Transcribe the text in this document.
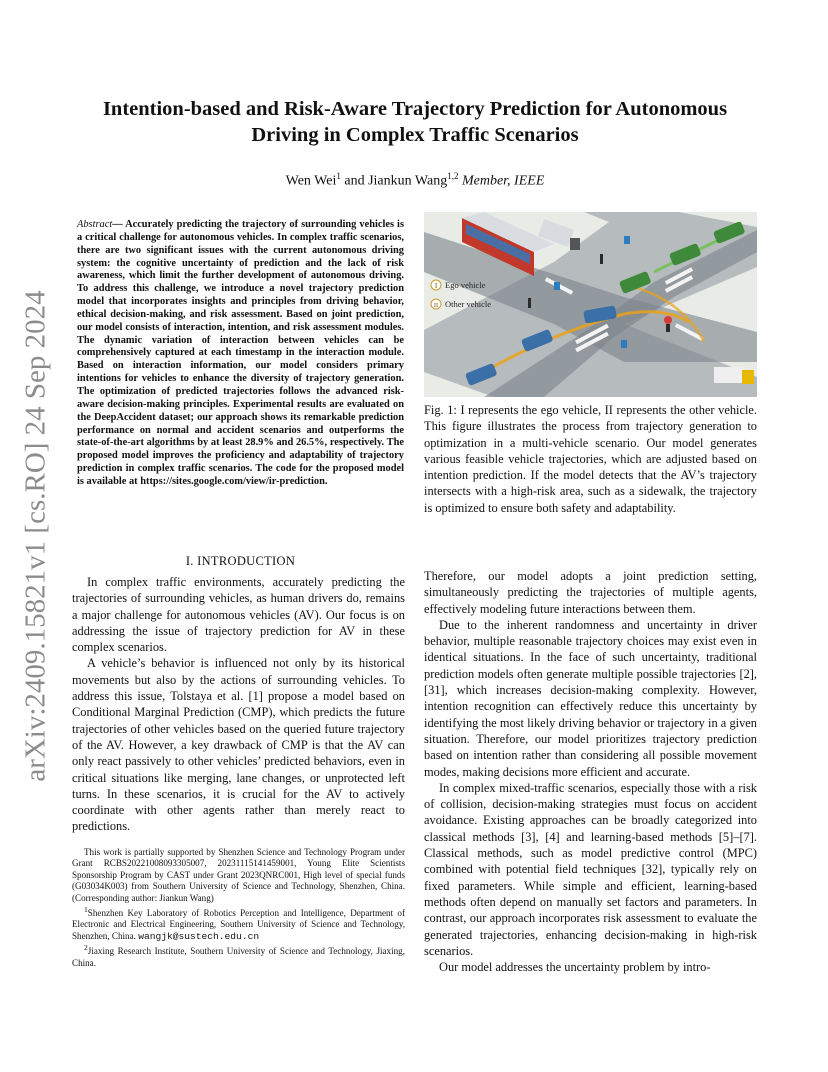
arXiv:2409.15821v1 [cs.RO] 24 Sep 2024
Intention-based and Risk-Aware Trajectory Prediction for Autonomous Driving in Complex Traffic Scenarios
Wen Wei$^1$ and Jiankun Wang$^{1,2}$ Member, IEEE
Abstract— Accurately predicting the trajectory of surrounding vehicles is a critical challenge for autonomous vehicles. In complex traffic scenarios, there are two significant issues with the current autonomous driving system: the cognitive uncertainty of prediction and the lack of risk awareness, which limit the further development of autonomous driving. To address this challenge, we introduce a novel trajectory prediction model that incorporates insights and principles from driving behavior, ethical decision-making, and risk assessment. Based on joint prediction, our model consists of interaction, intention, and risk assessment modules. The dynamic variation of interaction between vehicles can be comprehensively captured at each timestamp in the interaction module. Based on interaction information, our model considers primary intentions for vehicles to enhance the diversity of trajectory generation. The optimization of predicted trajectories follows the advanced risk-aware decision-making principles. Experimental results are evaluated on the DeepAccident dataset; our approach shows its remarkable prediction performance on normal and accident scenarios and outperforms the state-of-the-art algorithms by at least 28.9% and 26.5%, respectively. The proposed model improves the proficiency and adaptability of trajectory prediction in complex traffic scenarios. The code for the proposed model is available at https://sites.google.com/view/ir-prediction.
I. INTRODUCTION

In complex traffic environments, accurately predicting the trajectories of surrounding vehicles, as human drivers do, remains a major challenge for autonomous vehicles (AV). Our focus is on addressing the issue of trajectory prediction for AV in these complex scenarios.

A vehicle’s behavior is influenced not only by its historical movements but also by the actions of surrounding vehicles. To address this issue, Tolstaya et al. [1] propose a model based on Conditional Marginal Prediction (CMP), which predicts the future trajectories of other vehicles based on the queried future trajectory of the AV. However, a key drawback of CMP is that the AV can only react passively to other vehicles’ predicted behaviors, even in critical situations like merging, lane changes, or unprotected left turns. In these scenarios, it is crucial for the AV to actively coordinate with other agents rather than merely react to predictions.

This work is partially supported by Shenzhen Science and Technology Program under Grant RCBS20221008093305007, 20231115141459001, Young Elite Scientists Sponsorship Program by CAST under Grant 2023QNRC001, High level of special funds (G03034K003) from Southern University of Science and Technology, Shenzhen, China. (Corresponding author: Jiankun Wang)

$^1$Shenzhen Key Laboratory of Robotics Perception and Intelligence, Department of Electronic and Electrical Engineering, Southern University of Science and Technology, Shenzhen, China. wangjk@sustech.edu.cn

$^2$Jiaxing Research Institute, Southern University of Science and Technology, Jiaxing, China.

I Ego vehicle
II Other vehicle
Fig. 1: I represents the ego vehicle, II represents the other vehicle. This figure illustrates the process from trajectory generation to optimization in a multi-vehicle scenario. Our model generates various feasible vehicle trajectories, which are adjusted based on intention prediction. If the model detects that the AV’s trajectory intersects with a high-risk area, such as a sidewalk, the trajectory is optimized to ensure both safety and adaptability.

Therefore, our model adopts a joint prediction setting, simultaneously predicting the trajectories of multiple agents, effectively modeling future interactions between them.

Due to the inherent randomness and uncertainty in driver behavior, multiple reasonable trajectory choices may exist even in identical situations. In the face of such uncertainty, traditional prediction models often generate multiple possible trajectories [2], [31], which increases decision-making complexity. However, intention recognition can effectively reduce this uncertainty by identifying the most likely driving behavior or trajectory in a given situation. Therefore, our model prioritizes trajectory prediction based on intention rather than considering all possible movement modes, making decisions more efficient and accurate.

In complex mixed-traffic scenarios, especially those with a risk of collision, decision-making strategies must focus on accident avoidance. Existing approaches can be broadly categorized into classical methods [3], [4] and learning-based methods [5]–[7]. Classical methods, such as model predictive control (MPC) combined with potential field techniques [32], typically rely on fixed parameters. While simple and efficient, learning-based methods often depend on manually set factors and parameters. In contrast, our approach incorporates risk assessment to evaluate the generated trajectories, enhancing decision-making in high-risk scenarios.

Our model addresses the uncertainty problem by intro-
